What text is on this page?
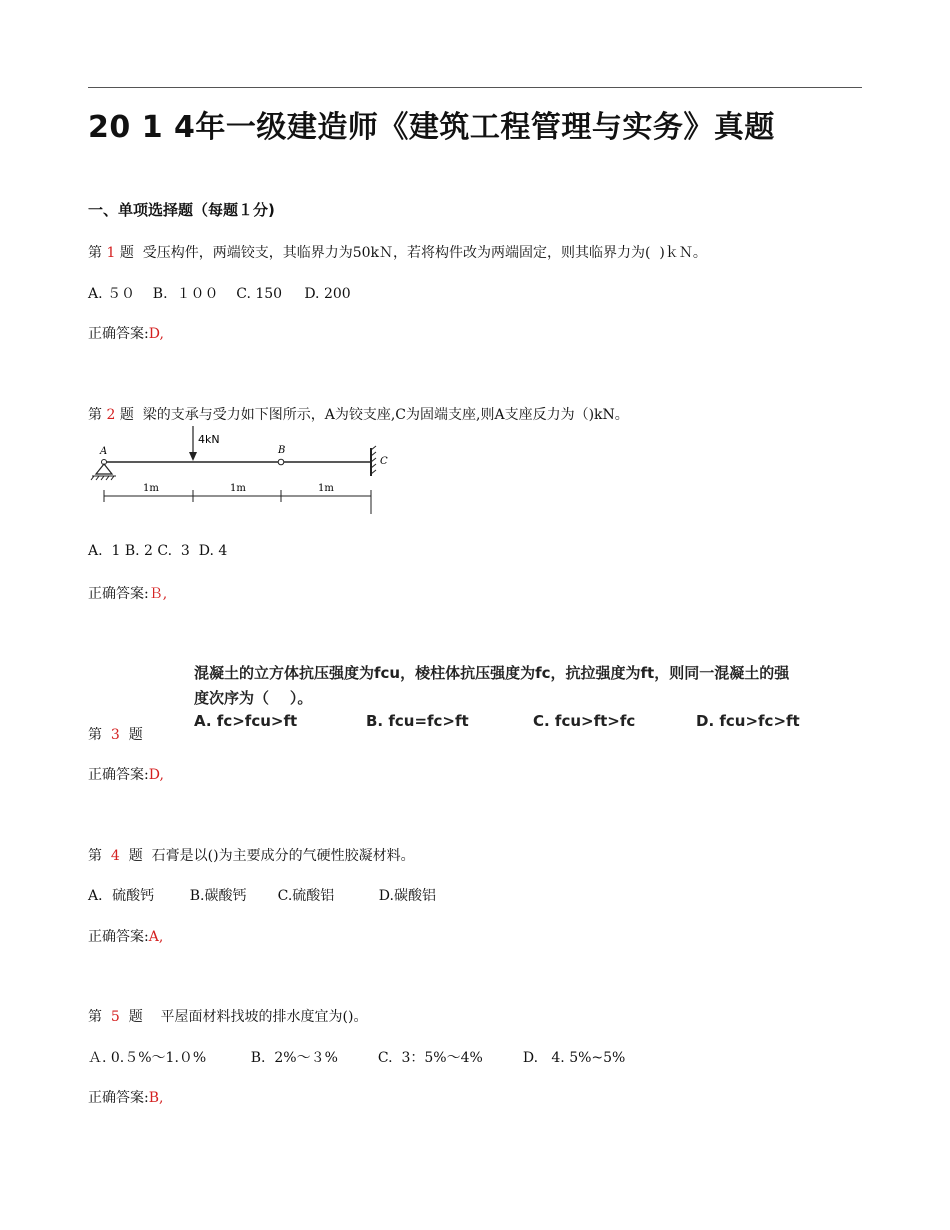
20 1 4年一级建造师《建筑工程管理与实务》真题
一、单项选择题（每题１分)
第 1 题  受压构件，两端铰支，其临界力为50kＮ，若将构件改为两端固定，则其临界力为(  )ｋＮ。
A. ５０    B.  １００    C. 150     D. 200
正确答案:D,
第 2 题  梁的支承与受力如下图所示，A为铰支座,C为固端支座,则A支座反力为（)kN。
4kN
A	B
C
1m	1m	1m
A.  1 B. 2 C.  3  D. 4
正确答案:Ｂ,
混凝土的立方体抗压强度为fcu，棱柱体抗压强度为fc，抗拉强度为ft，则同一混凝土的强
度次序为（    ）。
A. fc>fcu>ft	B. fcu=fc>ft	C. fcu>ft>fc	D. fcu>fc>ft
第  3  题
正确答案:D,
第  4  题  石膏是以()为主要成分的气硬性胶凝材料。
A．硫酸钙        B.碳酸钙       C.硫酸铝          D.碳酸铝
正确答案:A,
第  5  题    平屋面材料找坡的排水度宜为()。
Ａ. 0.５%～1.０%          B.  2%～３%         C.  3：5%～4%         D.   4. 5%~5%
正确答案:B,
